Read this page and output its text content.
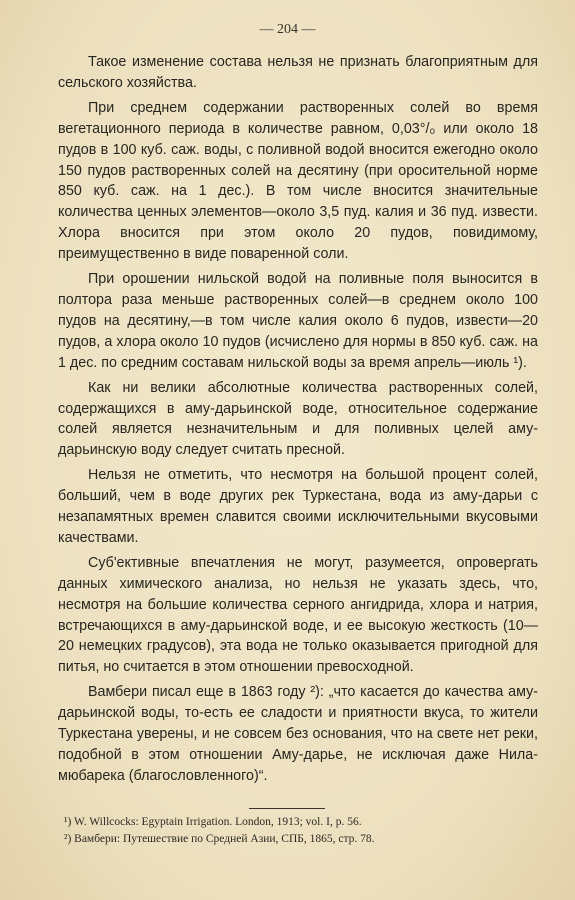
— 204 —

Такое изменение состава нельзя не признать благоприятным для сельского хозяйства.

При среднем содержании растворенных солей во время вегетационного периода в количестве равном, 0,03°/₀ или около 18 пудов в 100 куб. саж. воды, с поливной водой вносится ежегодно около 150 пудов растворенных солей на десятину (при оросительной норме 850 куб. саж. на 1 дес.). В том числе вносится значительные количества ценных элементов—около 3,5 пуд. калия и 36 пуд. извести. Хлора вносится при этом около 20 пудов, повидимому, преимущественно в виде поваренной соли.

При орошении нильской водой на поливные поля выносится в полтора раза меньше растворенных солей—в среднем около 100 пудов на десятину,—в том числе калия около 6 пудов, извести—20 пудов, а хлора около 10 пудов (исчислено для нормы в 850 куб. саж. на 1 дес. по средним составам нильской воды за время апрель—июль ¹).

Как ни велики абсолютные количества растворенных солей, содержащихся в аму-дарьинской воде, относительное содержание солей является незначительным и для поливных целей аму-дарьинскую воду следует считать пресной.

Нельзя не отметить, что несмотря на большой процент солей, больший, чем в воде других рек Туркестана, вода из аму-дарьи с незапамятных времен славится своими исключительными вкусовыми качествами.

Суб'ективные впечатления не могут, разумеется, опровергать данных химического анализа, но нельзя не указать здесь, что, несмотря на большие количества серного ангидрида, хлора и натрия, встречающихся в аму-дарьинской воде, и ее высокую жесткость (10—20 немецких градусов), эта вода не только оказывается пригодной для питья, но считается в этом отношении превосходной.

Вамбери писал еще в 1863 году ²): „что касается до качества аму-дарьинской воды, то-есть ее сладости и приятности вкуса, то жители Туркестана уверены, и не совсем без основания, что на свете нет реки, подобной в этом отношении Аму-дарье, не исключая даже Нила-мюбарека (благословленного)“.

¹) W. Willcocks: Egyptain Irrigation. London, 1913; vol. I, p. 56.

²) Вамбери: Путешествие по Средней Азии, СПБ, 1865, стр. 78.
